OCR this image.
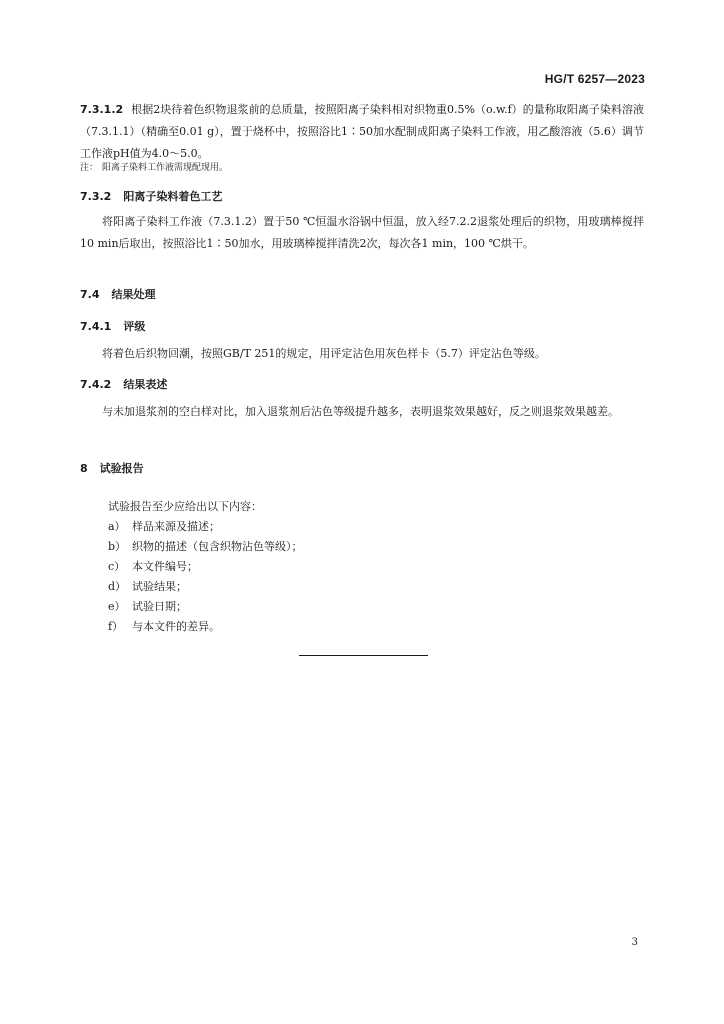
HG/T 6257—2023
7.3.1.2 根据2块待着色织物退浆前的总质量，按照阳离子染料相对织物重0.5%（o.w.f）的量称取阳离子染料溶液（7.3.1.1）（精确至0.01 g），置于烧杯中，按照浴比1∶50加水配制成阳离子染料工作液，用乙酸溶液（5.6）调节工作液pH值为4.0～5.0。
注： 阳离子染料工作液需现配现用。
7.3.2 阳离子染料着色工艺
将阳离子染料工作液（7.3.1.2）置于50 ℃恒温水浴锅中恒温，放入经7.2.2退浆处理后的织物，用玻璃棒搅拌10 min后取出，按照浴比1∶50加水，用玻璃棒搅拌清洗2次，每次各1 min，100 ℃烘干。
7.4 结果处理
7.4.1 评级
将着色后织物回潮，按照GB/T 251的规定，用评定沾色用灰色样卡（5.7）评定沾色等级。
7.4.2 结果表述
与未加退浆剂的空白样对比，加入退浆剂后沾色等级提升越多，表明退浆效果越好，反之则退浆效果越差。
8 试验报告
试验报告至少应给出以下内容：
a） 样品来源及描述；
b） 织物的描述（包含织物沾色等级）；
c） 本文件编号；
d） 试验结果；
e） 试验日期；
f） 与本文件的差异。
3
